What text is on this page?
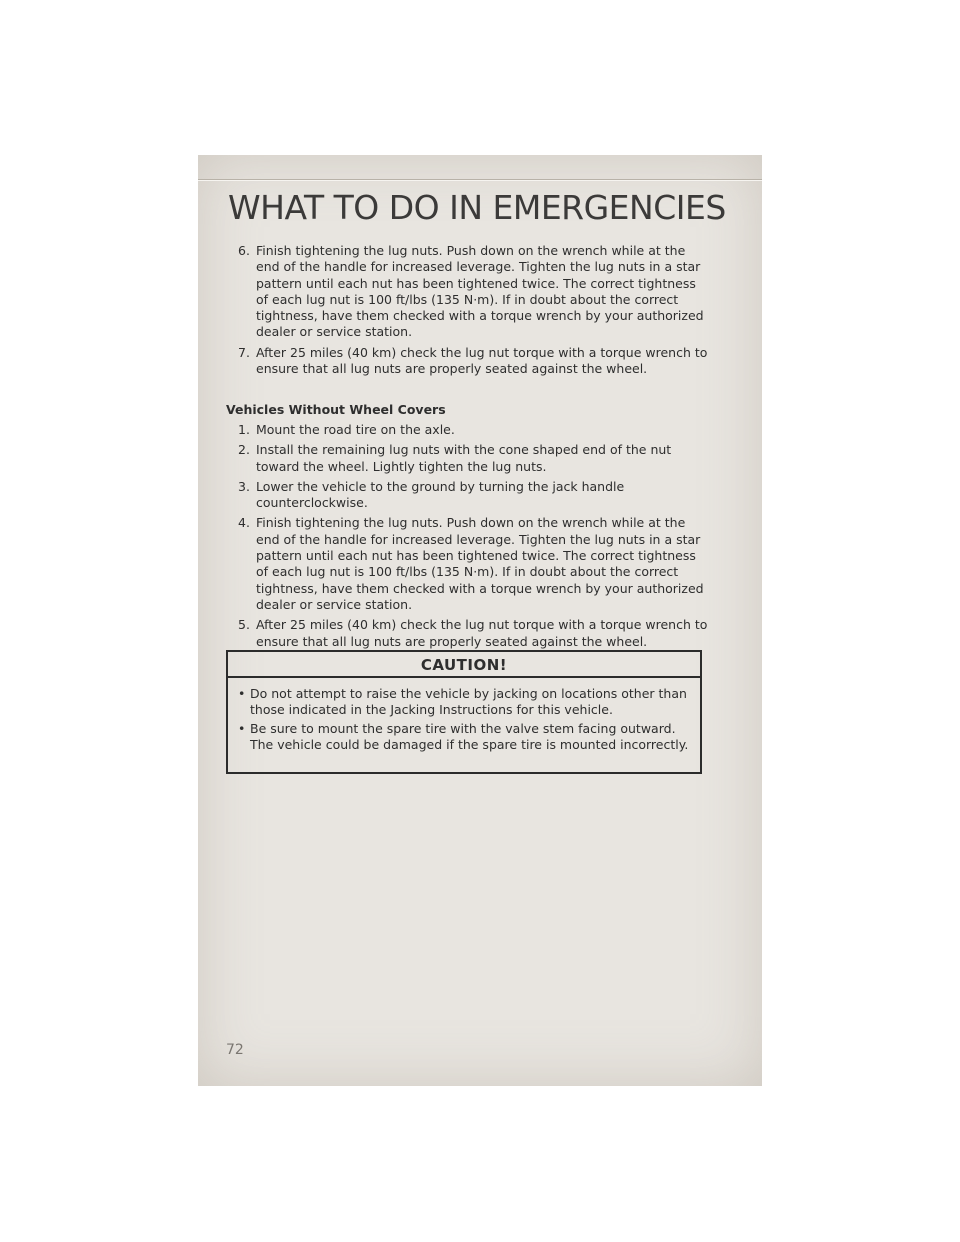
WHAT TO DO IN EMERGENCIES
6. Finish tightening the lug nuts. Push down on the wrench while at the end of the handle for increased leverage. Tighten the lug nuts in a star pattern until each nut has been tightened twice. The correct tightness of each lug nut is 100 ft/lbs (135 N·m). If in doubt about the correct tightness, have them checked with a torque wrench by your authorized dealer or service station.
7. After 25 miles (40 km) check the lug nut torque with a torque wrench to ensure that all lug nuts are properly seated against the wheel.
Vehicles Without Wheel Covers
1. Mount the road tire on the axle.
2. Install the remaining lug nuts with the cone shaped end of the nut toward the wheel. Lightly tighten the lug nuts.
3. Lower the vehicle to the ground by turning the jack handle counterclockwise.
4. Finish tightening the lug nuts. Push down on the wrench while at the end of the handle for increased leverage. Tighten the lug nuts in a star pattern until each nut has been tightened twice. The correct tightness of each lug nut is 100 ft/lbs (135 N·m). If in doubt about the correct tightness, have them checked with a torque wrench by your authorized dealer or service station.
5. After 25 miles (40 km) check the lug nut torque with a torque wrench to ensure that all lug nuts are properly seated against the wheel.
CAUTION!
• Do not attempt to raise the vehicle by jacking on locations other than those indicated in the Jacking Instructions for this vehicle.
• Be sure to mount the spare tire with the valve stem facing outward. The vehicle could be damaged if the spare tire is mounted incorrectly.
72
